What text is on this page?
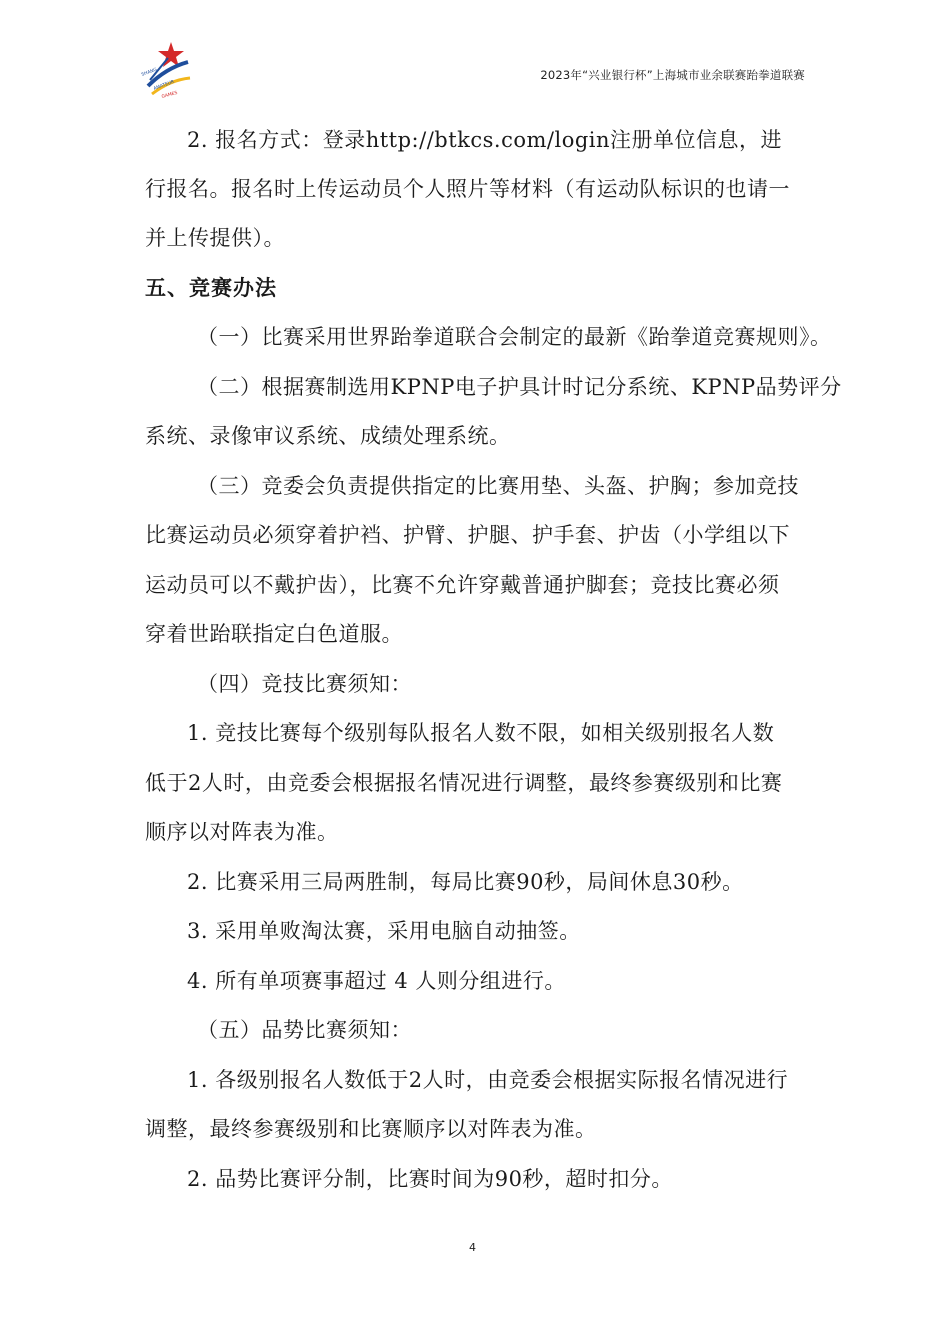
SHANG
AMATEUR
GAMES
2023年“兴业银行杯”上海城市业余联赛跆拳道联赛
2. 报名方式：登录http://btkcs.com/login注册单位信息，进
行报名。报名时上传运动员个人照片等材料（有运动队标识的也请一
并上传提供）。
五、竞赛办法
（一）比赛采用世界跆拳道联合会制定的最新《跆拳道竞赛规则》。
（二）根据赛制选用KPNP电子护具计时记分系统、KPNP品势评分
系统、录像审议系统、成绩处理系统。
（三）竞委会负责提供指定的比赛用垫、头盔、护胸；参加竞技
比赛运动员必须穿着护裆、护臂、护腿、护手套、护齿（小学组以下
运动员可以不戴护齿），比赛不允许穿戴普通护脚套；竞技比赛必须
穿着世跆联指定白色道服。
（四）竞技比赛须知：
1. 竞技比赛每个级别每队报名人数不限，如相关级别报名人数
低于2人时，由竞委会根据报名情况进行调整，最终参赛级别和比赛
顺序以对阵表为准。
2. 比赛采用三局两胜制，每局比赛90秒，局间休息30秒。
3. 采用单败淘汰赛，采用电脑自动抽签。
4. 所有单项赛事超过 4 人则分组进行。
（五）品势比赛须知：
1. 各级别报名人数低于2人时，由竞委会根据实际报名情况进行
调整，最终参赛级别和比赛顺序以对阵表为准。
2. 品势比赛评分制，比赛时间为90秒，超时扣分。
4
